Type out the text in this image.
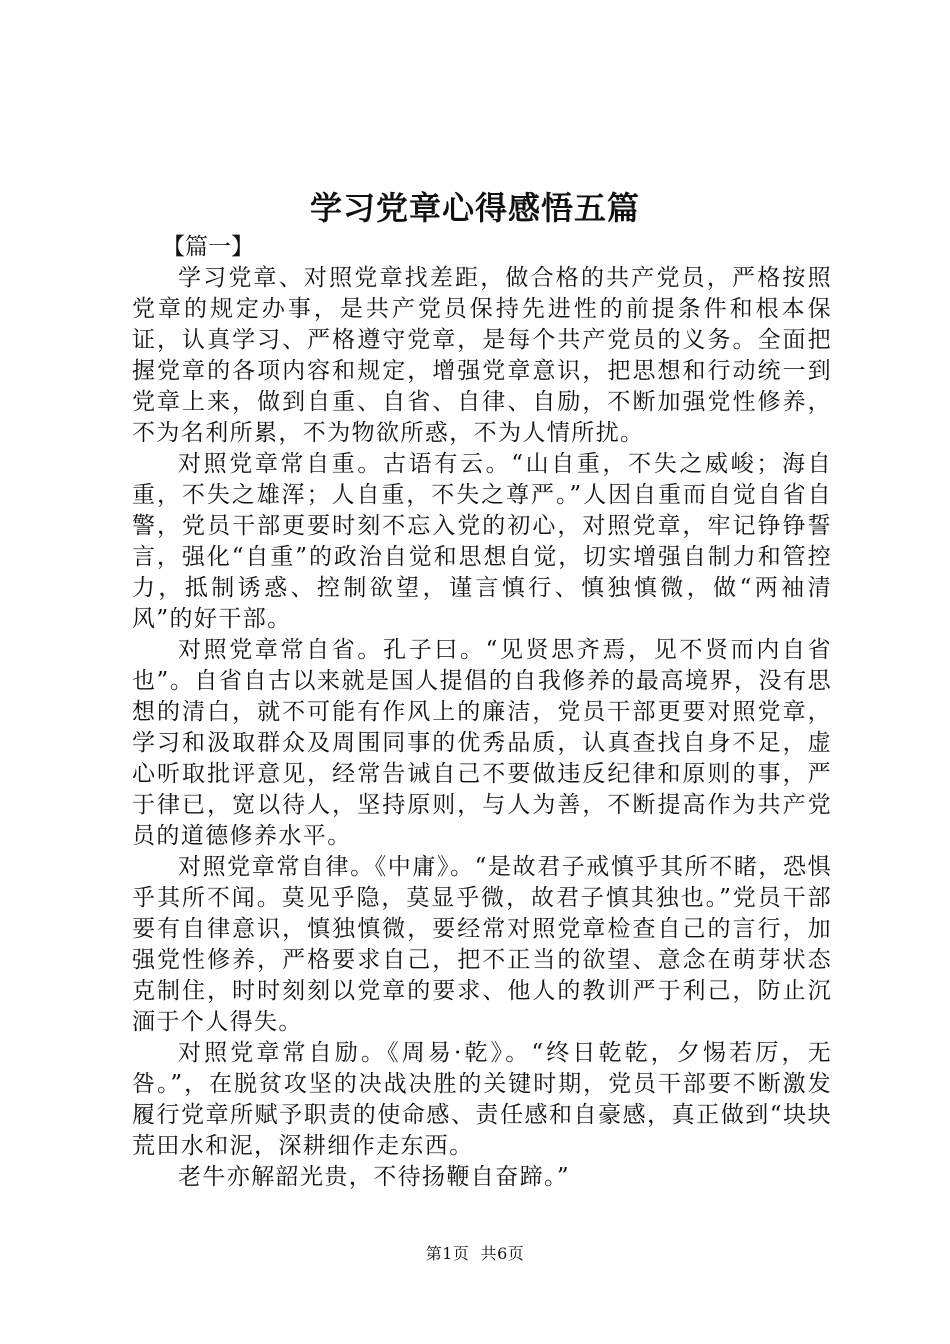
学习党章心得感悟五篇

【篇一】

学习党章、对照党章找差距，做合格的共产党员，严格按照党章的规定办事，是共产党员保持先进性的前提条件和根本保证，认真学习、严格遵守党章，是每个共产党员的义务。全面把握党章的各项内容和规定，增强党章意识，把思想和行动统一到党章上来，做到自重、自省、自律、自励，不断加强党性修养，不为名利所累，不为物欲所惑，不为人情所扰。

对照党章常自重。古语有云。“山自重，不失之威峻；海自重，不失之雄浑；人自重，不失之尊严。”人因自重而自觉自省自警，党员干部更要时刻不忘入党的初心，对照党章，牢记铮铮誓言，强化“自重”的政治自觉和思想自觉，切实增强自制力和管控力，抵制诱惑、控制欲望，谨言慎行、慎独慎微，做“两袖清风”的好干部。

对照党章常自省。孔子曰。“见贤思齐焉，见不贤而内自省也”。自省自古以来就是国人提倡的自我修养的最高境界，没有思想的清白，就不可能有作风上的廉洁，党员干部更要对照党章，学习和汲取群众及周围同事的优秀品质，认真查找自身不足，虚心听取批评意见，经常告诫自己不要做违反纪律和原则的事，严于律已，宽以待人，坚持原则，与人为善，不断提高作为共产党员的道德修养水平。

对照党章常自律。《中庸》。“是故君子戒慎乎其所不睹，恐惧乎其所不闻。莫见乎隐，莫显乎微，故君子慎其独也。”党员干部要有自律意识，慎独慎微，要经常对照党章检查自己的言行，加强党性修养，严格要求自己，把不正当的欲望、意念在萌芽状态克制住，时时刻刻以党章的要求、他人的教训严于利己，防止沉湎于个人得失。

对照党章常自励。《周易·乾》。“终日乾乾，夕惕若厉，无咎。”，在脱贫攻坚的决战决胜的关键时期，党员干部要不断激发履行党章所赋予职责的使命感、责任感和自豪感，真正做到“块块荒田水和泥，深耕细作走东西。

老牛亦解韶光贵，不待扬鞭自奋蹄。”

第1页 共6页
